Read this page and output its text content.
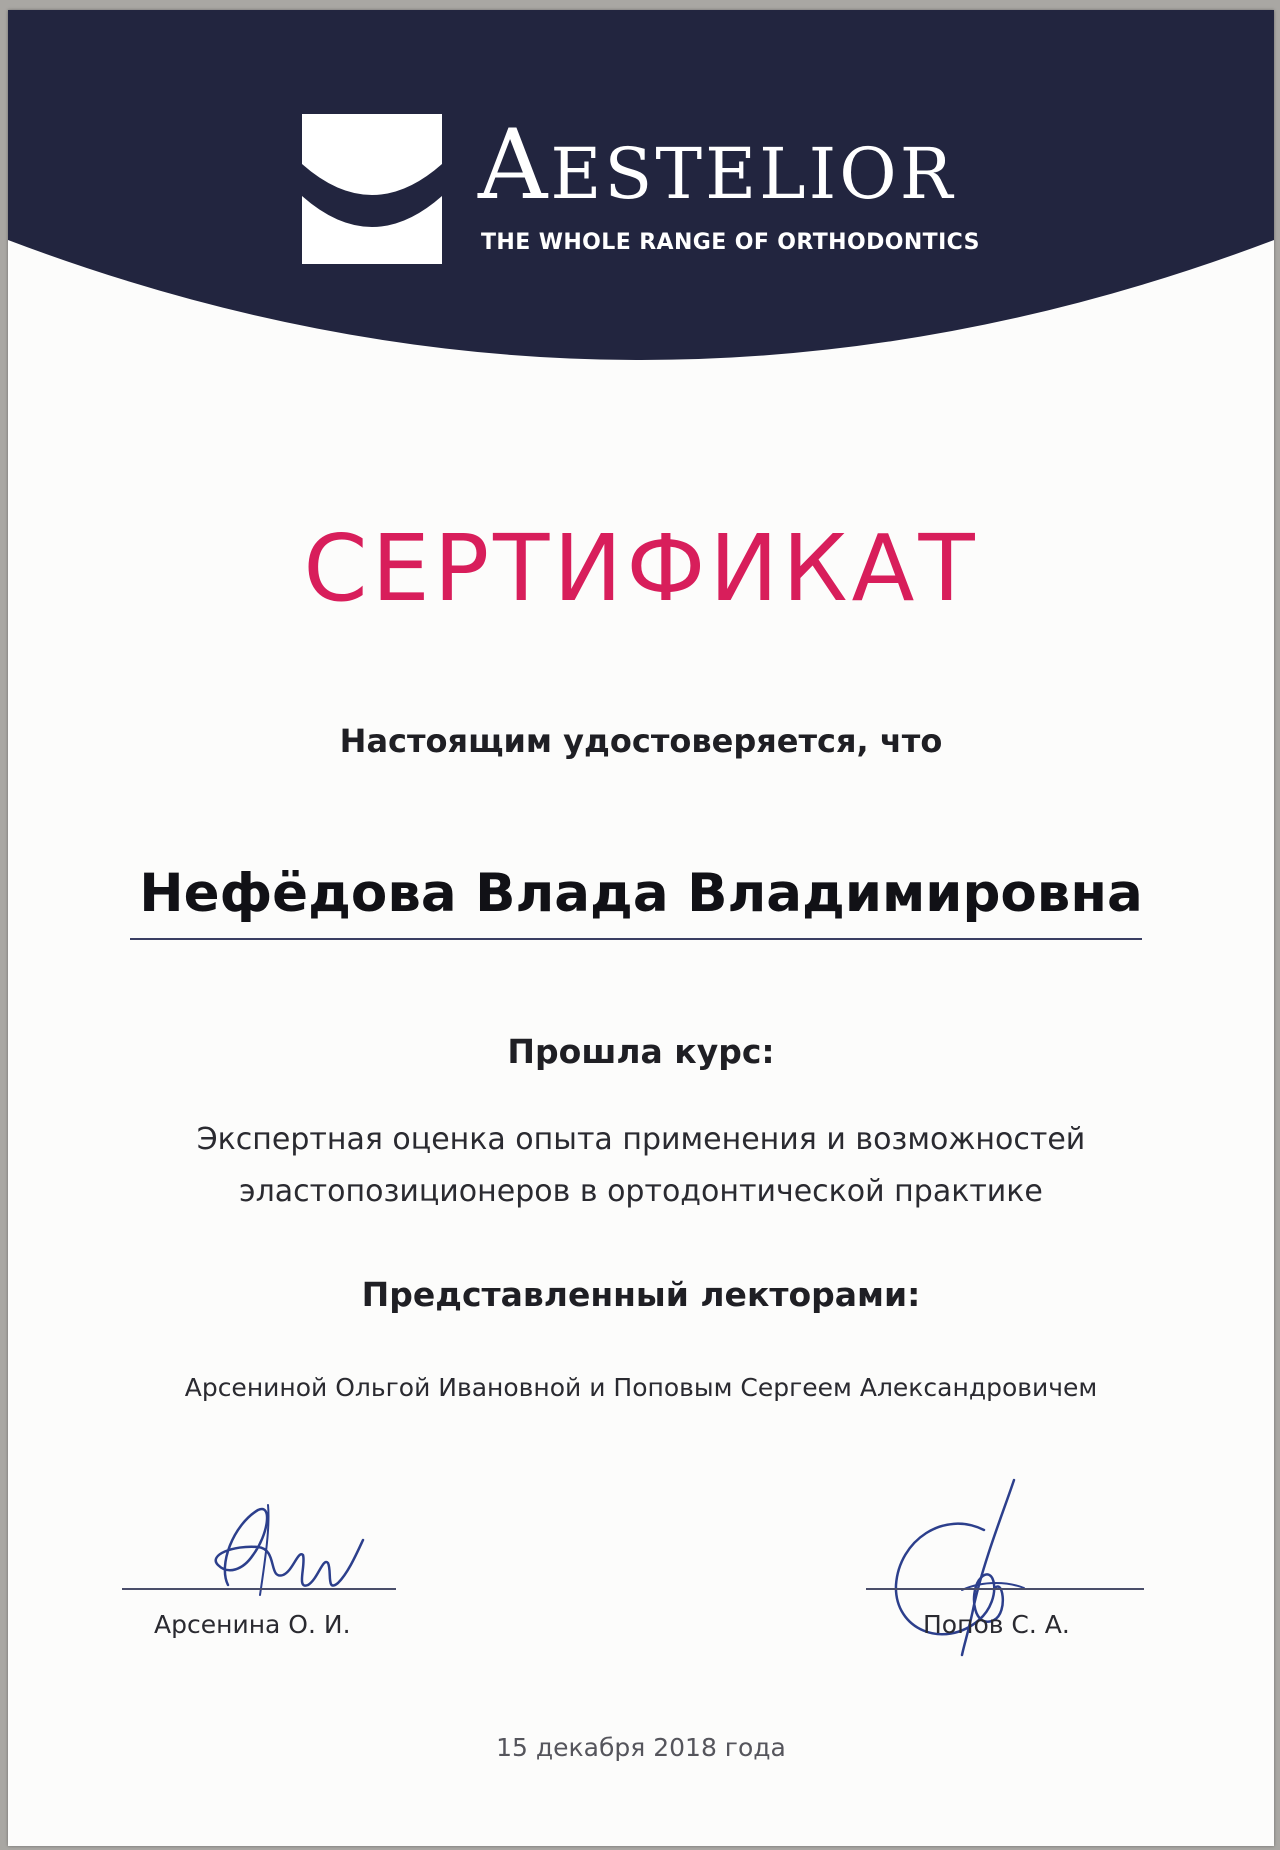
AESTELIOR
THE WHOLE RANGE OF ORTHODONTICS
СЕРТИФИКАТ

Настоящим удостоверяется, что

Нефёдова Влада Владимировна

Прошла курс:

Экспертная оценка опыта применения и возможностей
эластопозиционеров в ортодонтической практике

Представленный лекторами:

Арсениной Ольгой Ивановной и Поповым Сергеем Александровичем

Арсенина О. И.	Попов С. А.

15 декабря 2018 года
